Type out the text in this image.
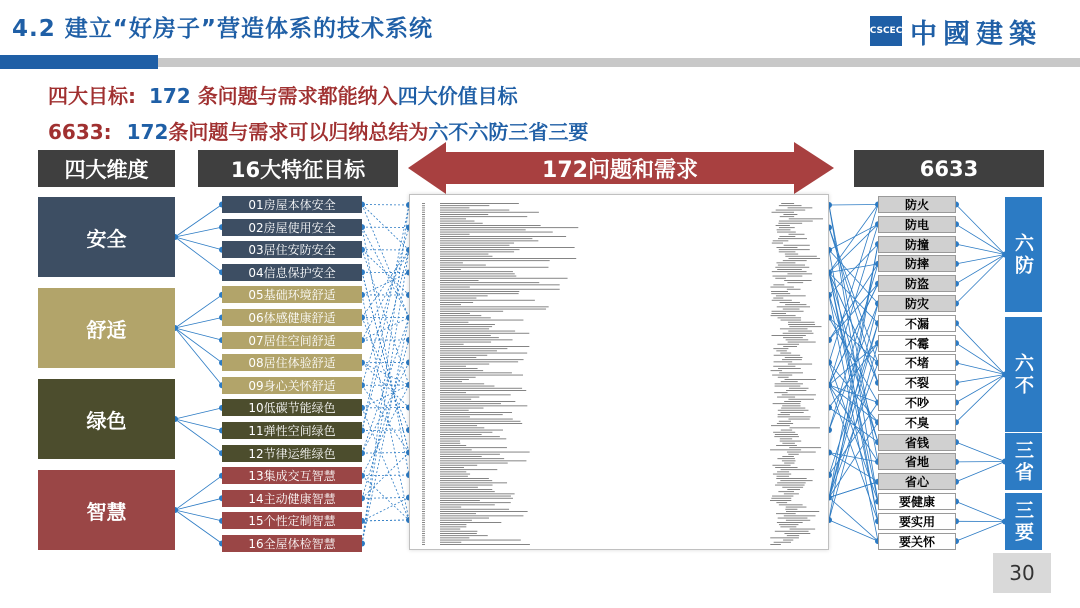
4.2 建立“好房子”营造体系的技术系统	CSCEC 中國建築
四大目标: 172 条问题与需求都能纳入四大价值目标
6633: 172条问题与需求可以归纳总结为六不六防三省三要
四大维度	16大特征目标	6633
172问题和需求
安全
舒适
绿色
智慧
01房屋本体安全
02房屋使用安全
03居住安防安全
04信息保护安全
05基础环境舒适
06体感健康舒适
07居住空间舒适
08居住体验舒适
09身心关怀舒适
10低碳节能绿色
11弹性空间绿色
12节律运维绿色
13集成交互智慧
14主动健康智慧
15个性定制智慧
16全屋体检智慧
防火
防电
防撞
防摔
防盗
防灾
不漏
不霉
不堵
不裂
不吵
不臭
省钱
省地
省心
要健康
要实用
要关怀
六防
六不
三省
三要
30
